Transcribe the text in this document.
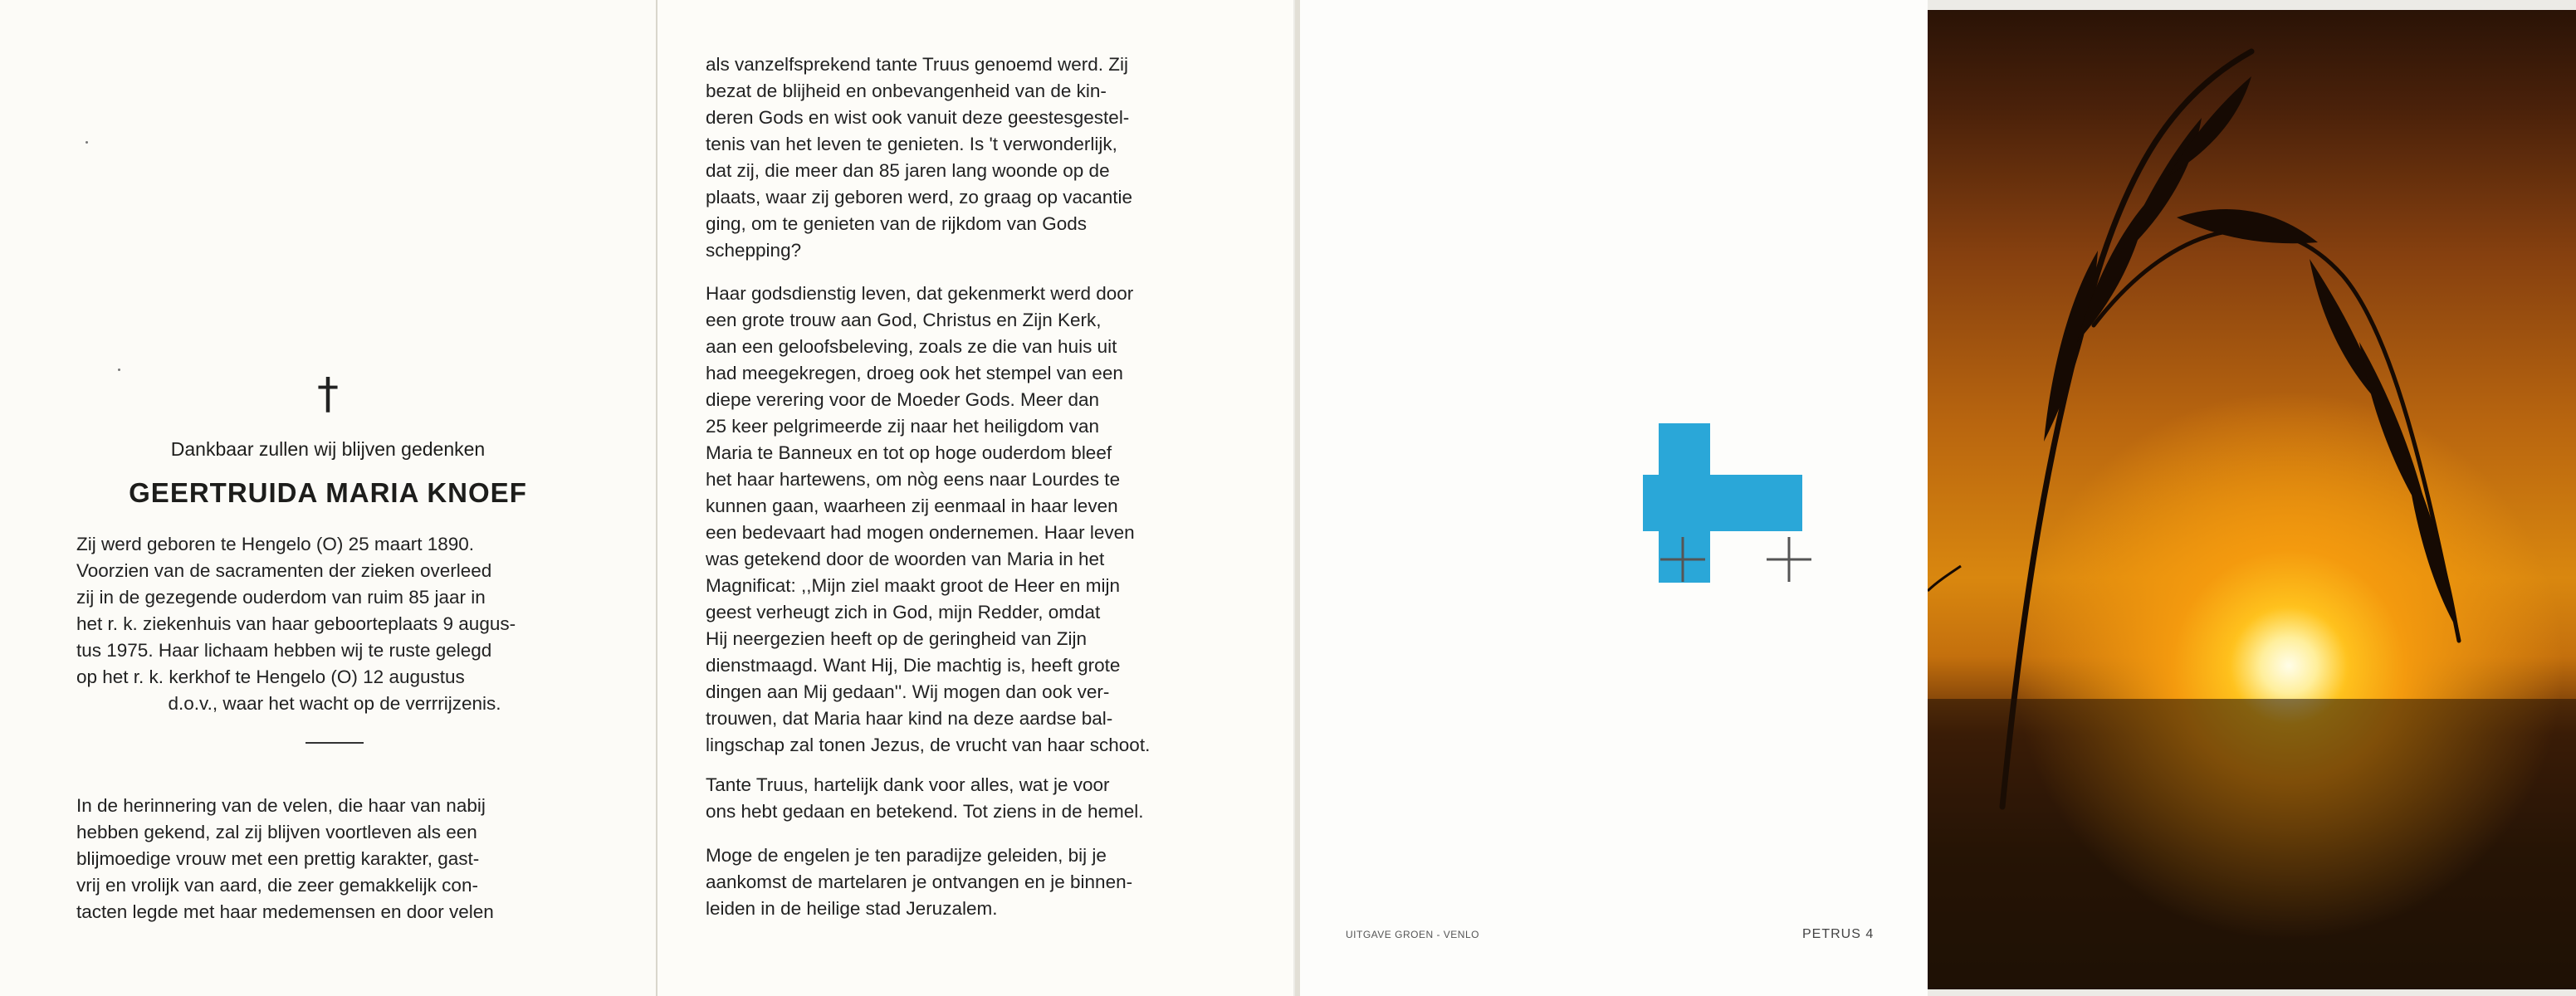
†
Dankbaar zullen wij blijven gedenken
GEERTRUIDA MARIA KNOEF
Zij werd geboren te Hengelo (O) 25 maart 1890.
Voorzien van de sacramenten der zieken overleed
zij in de gezegende ouderdom van ruim 85 jaar in
het r. k. ziekenhuis van haar geboorteplaats 9 augus-
tus 1975. Haar lichaam hebben wij te ruste gelegd
op het r. k. kerkhof te Hengelo (O) 12 augustus
d.o.v., waar het wacht op de verrrijzenis.
In de herinnering van de velen, die haar van nabij
hebben gekend, zal zij blijven voortleven als een
blijmoedige vrouw met een prettig karakter, gast-
vrij en vrolijk van aard, die zeer gemakkelijk con-
tacten legde met haar medemensen en door velen
als vanzelfsprekend tante Truus genoemd werd. Zij
bezat de blijheid en onbevangenheid van de kin-
deren Gods en wist ook vanuit deze geestesgestel-
tenis van het leven te genieten. Is 't verwonderlijk,
dat zij, die meer dan 85 jaren lang woonde op de
plaats, waar zij geboren werd, zo graag op vacantie
ging, om te genieten van de rijkdom van Gods
schepping?
Haar godsdienstig leven, dat gekenmerkt werd door
een grote trouw aan God, Christus en Zijn Kerk,
aan een geloofsbeleving, zoals ze die van huis uit
had meegekregen, droeg ook het stempel van een
diepe verering voor de Moeder Gods. Meer dan
25 keer pelgrimeerde zij naar het heiligdom van
Maria te Banneux en tot op hoge ouderdom bleef
het haar hartewens, om nòg eens naar Lourdes te
kunnen gaan, waarheen zij eenmaal in haar leven
een bedevaart had mogen ondernemen. Haar leven
was getekend door de woorden van Maria in het
Magnificat: ,,Mijn ziel maakt groot de Heer en mijn
geest verheugt zich in God, mijn Redder, omdat
Hij neergezien heeft op de geringheid van Zijn
dienstmaagd. Want Hij, Die machtig is, heeft grote
dingen aan Mij gedaan''. Wij mogen dan ook ver-
trouwen, dat Maria haar kind na deze aardse bal-
lingschap zal tonen Jezus, de vrucht van haar schoot.
Tante Truus, hartelijk dank voor alles, wat je voor
ons hebt gedaan en betekend. Tot ziens in de hemel.
Moge de engelen je ten paradijze geleiden, bij je
aankomst de martelaren je ontvangen en je binnen-
leiden in de heilige stad Jeruzalem.
UITGAVE GROEN - VENLO	PETRUS 4
